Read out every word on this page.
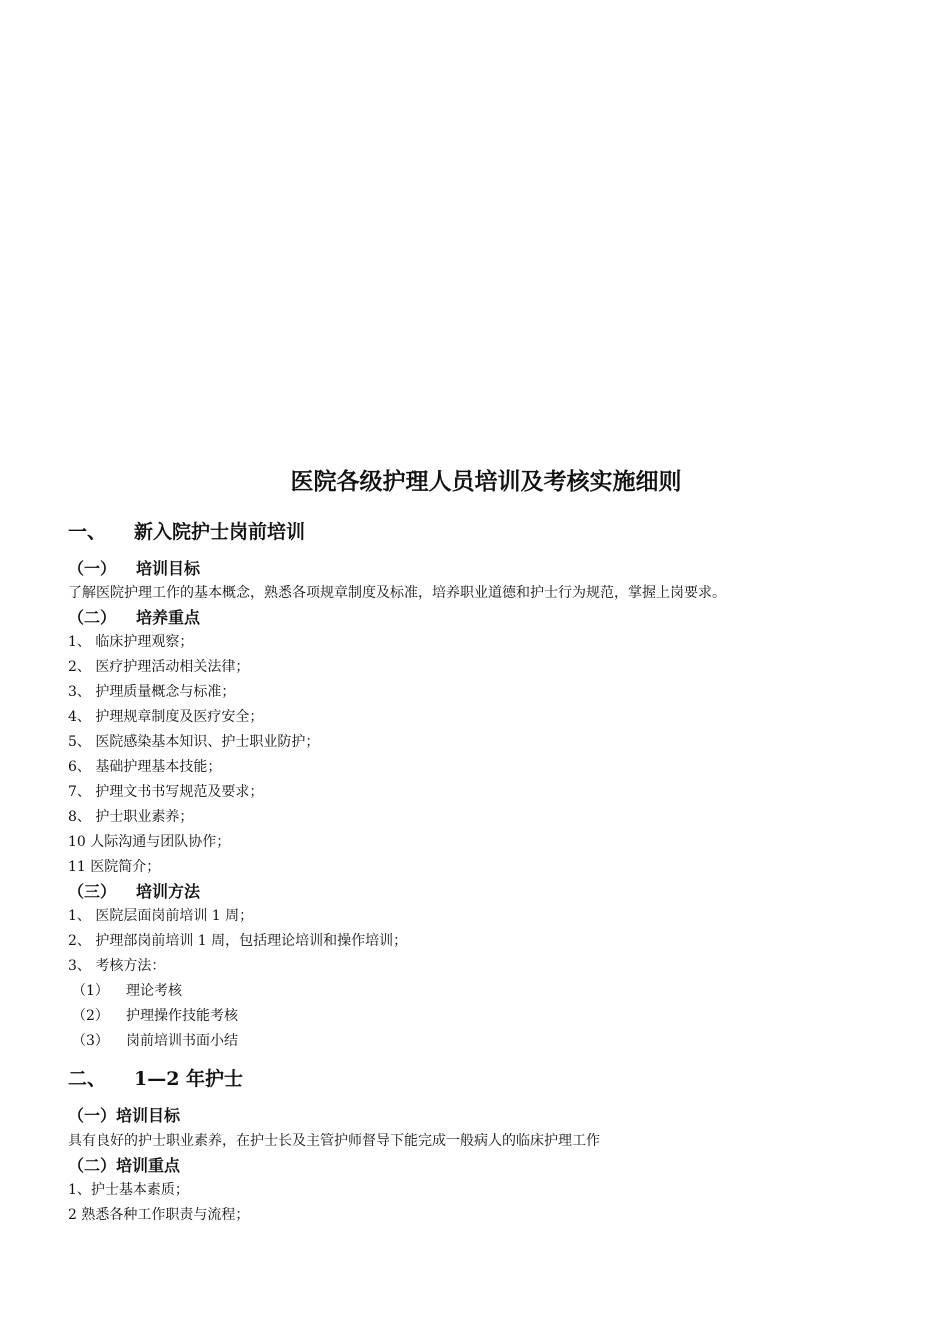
医院各级护理人员培训及考核实施细则
一、 新入院护士岗前培训
（一） 培训目标
了解医院护理工作的基本概念，熟悉各项规章制度及标准，培养职业道德和护士行为规范，掌握上岗要求。
（二） 培养重点
1、 临床护理观察；
2、 医疗护理活动相关法律；
3、 护理质量概念与标准；
4、 护理规章制度及医疗安全；
5、 医院感染基本知识、护士职业防护；
6、 基础护理基本技能；
7、 护理文书书写规范及要求；
8、 护士职业素养；
10 人际沟通与团队协作；
11 医院简介；
（三） 培训方法
1、 医院层面岗前培训 1 周；
2、 护理部岗前培训 1 周，包括理论培训和操作培训；
3、 考核方法：
（1） 理论考核
（2） 护理操作技能考核
（3） 岗前培训书面小结
二、 1—2 年护士
（一）培训目标
具有良好的护士职业素养，在护士长及主管护师督导下能完成一般病人的临床护理工作
（二）培训重点
1、护士基本素质；
2 熟悉各种工作职责与流程；
